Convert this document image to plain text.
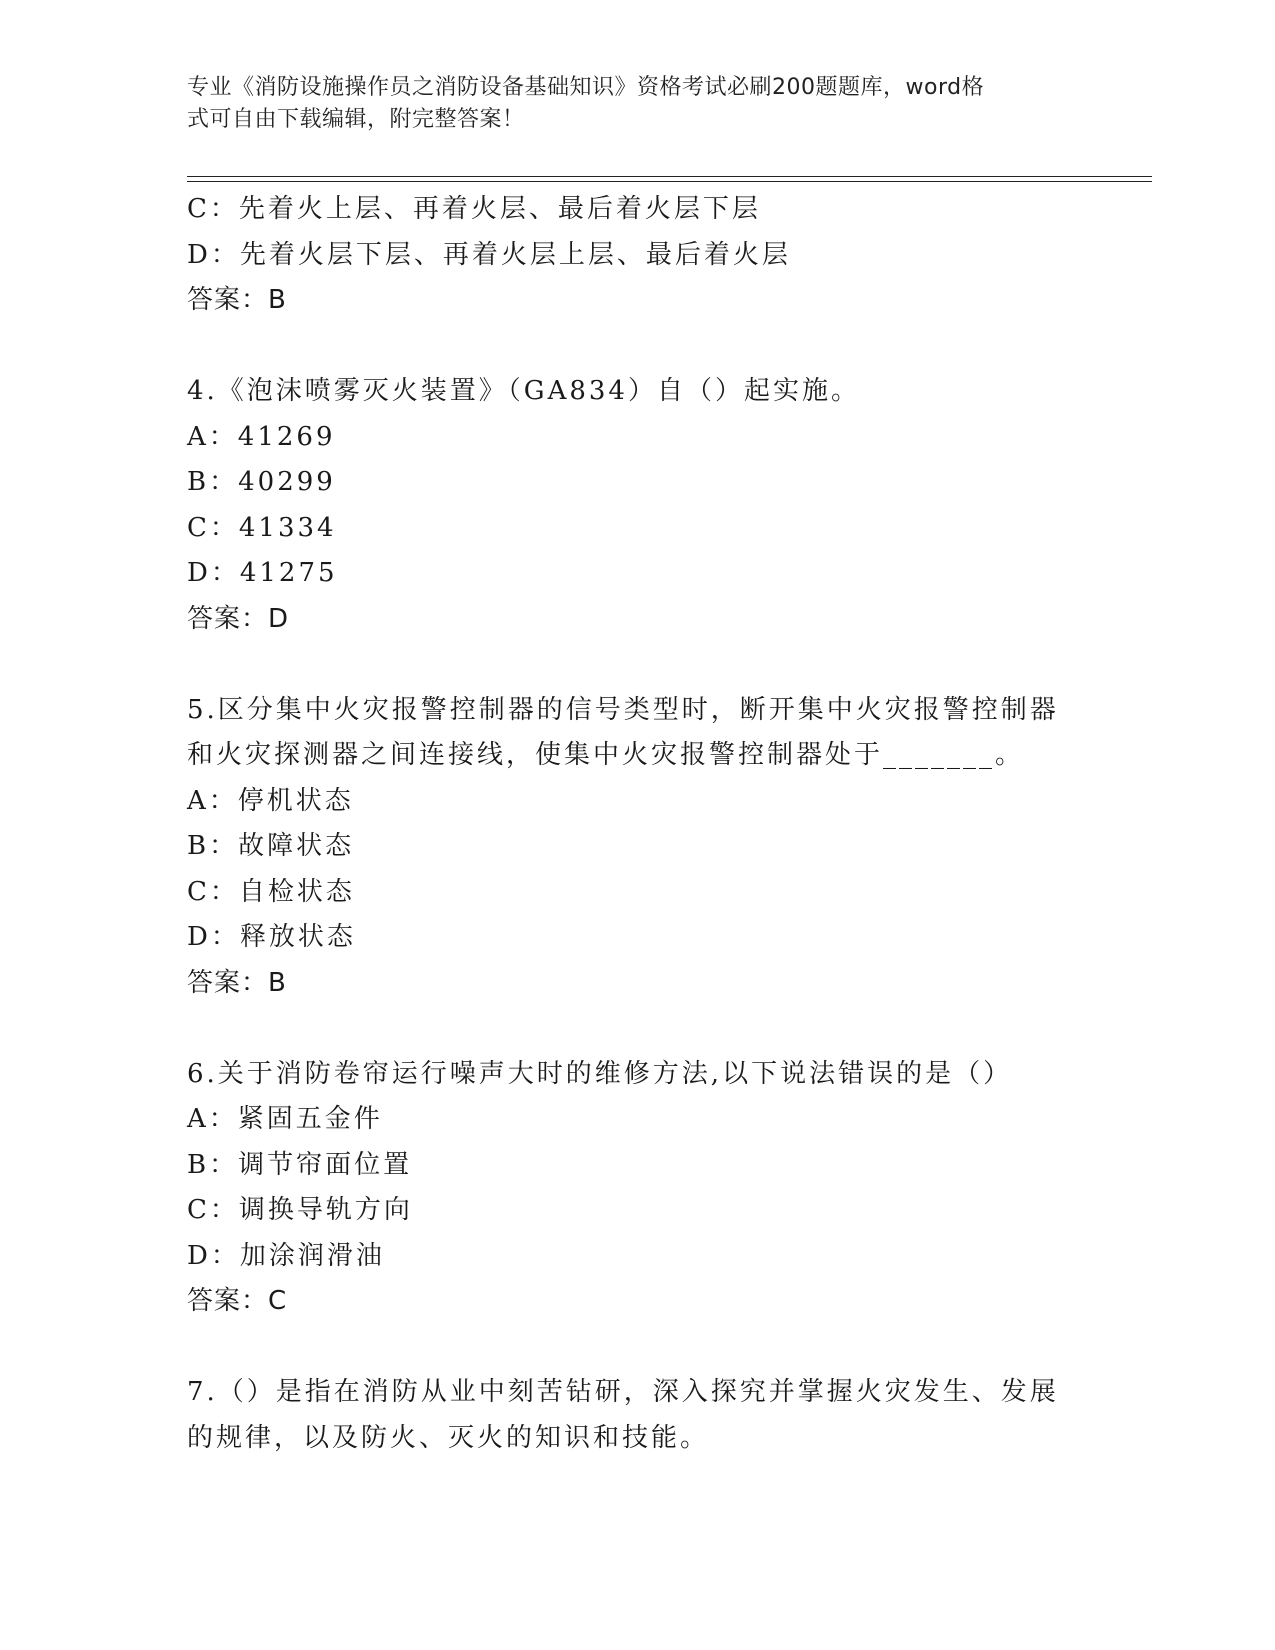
专业《消防设施操作员之消防设备基础知识》资格考试必刷200题题库，word格
式可自由下载编辑，附完整答案！
C：先着火上层、再着火层、最后着火层下层
D：先着火层下层、再着火层上层、最后着火层
答案：B
4.《泡沫喷雾灭火装置》（GA834）自（）起实施。
A：41269
B：40299
C：41334
D：41275
答案：D
5.区分集中火灾报警控制器的信号类型时，断开集中火灾报警控制器
和火灾探测器之间连接线，使集中火灾报警控制器处于_______。
A：停机状态
B：故障状态
C：自检状态
D：释放状态
答案：B
6.关于消防卷帘运行噪声大时的维修方法,以下说法错误的是（）
A：紧固五金件
B：调节帘面位置
C：调换导轨方向
D：加涂润滑油
答案：C
7.（）是指在消防从业中刻苦钻研，深入探究并掌握火灾发生、发展
的规律，以及防火、灭火的知识和技能。
